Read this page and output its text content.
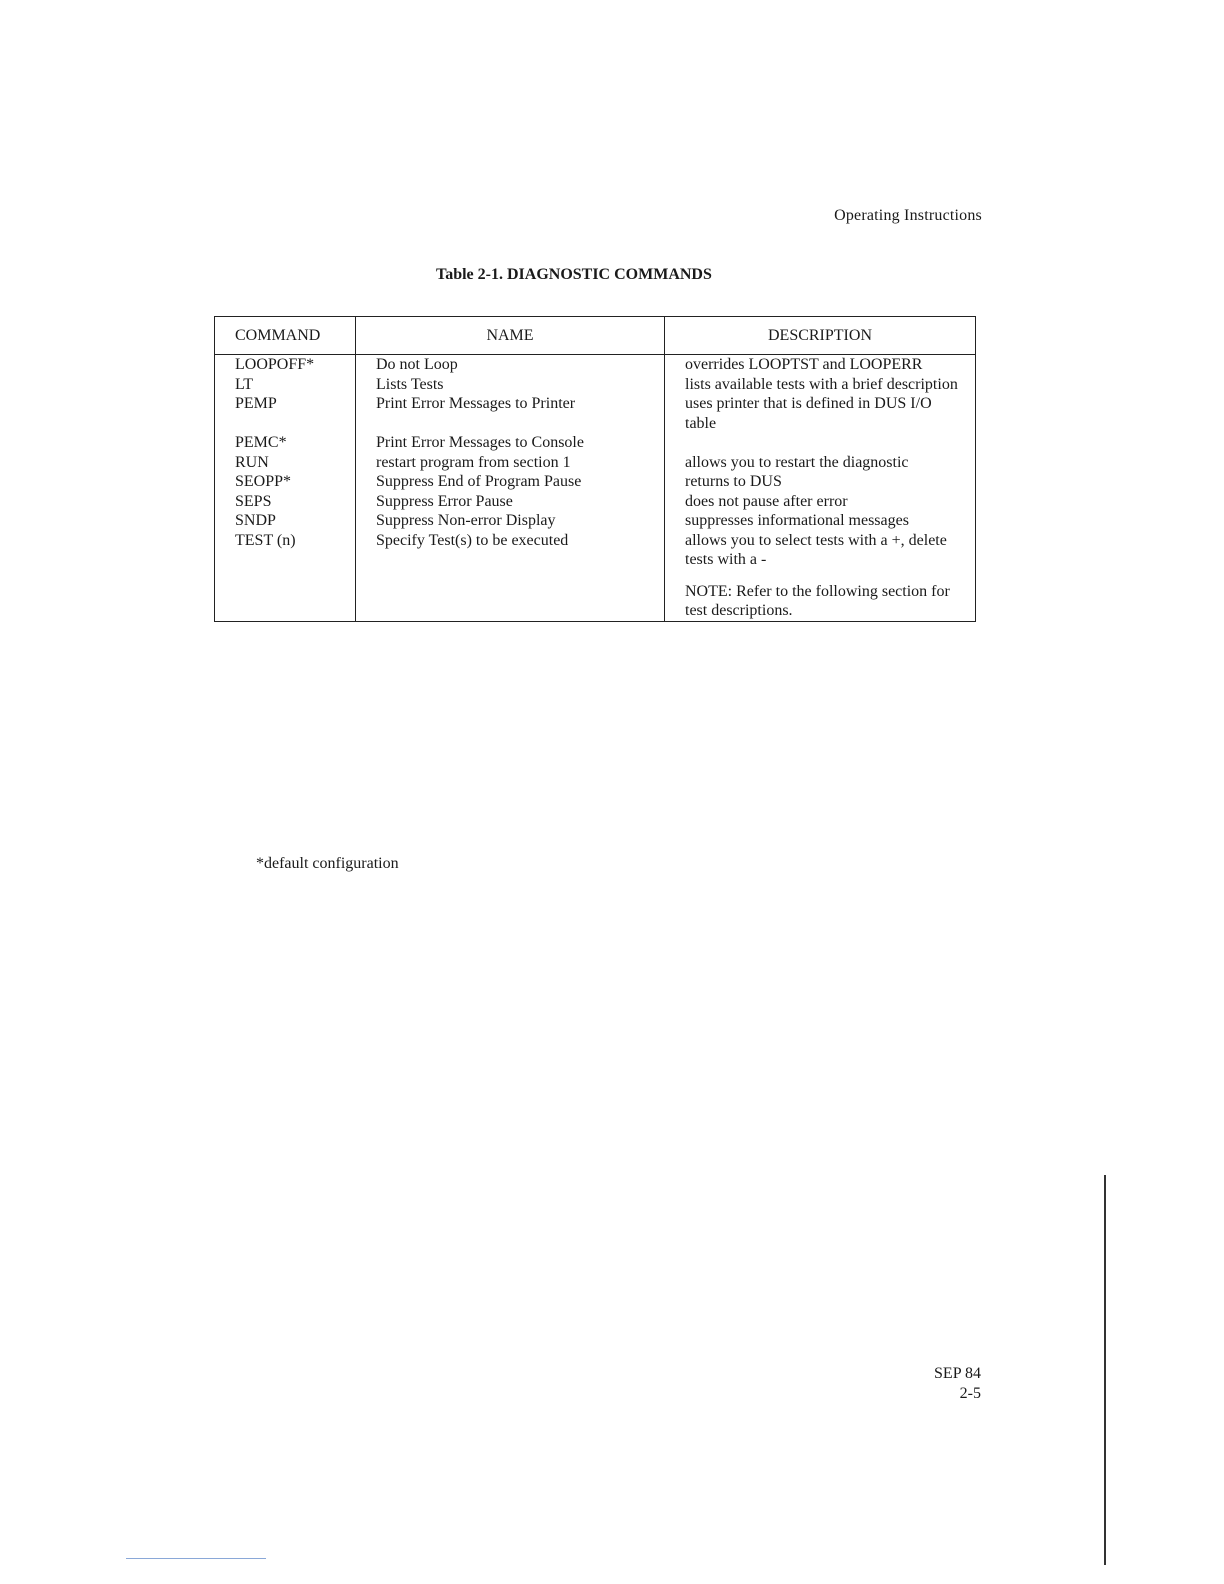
Operating Instructions
Table 2-1. DIAGNOSTIC COMMANDS
COMMAND	NAME	DESCRIPTION
LOOPOFF*	Do not Loop	overrides LOOPTST and LOOPERR
LT	Lists Tests	lists available tests with a brief description
PEMP	Print Error Messages to Printer	uses printer that is defined in DUS I/O table
PEMC*	Print Error Messages to Console	
RUN	restart program from section 1	allows you to restart the diagnostic
SEOPP*	Suppress End of Program Pause	returns to DUS
SEPS	Suppress Error Pause	does not pause after error
SNDP	Suppress Non-error Display	suppresses informational messages
TEST (n)	Specify Test(s) to be executed	allows you to select tests with a +, delete tests with a -
		NOTE: Refer to the following section for test descriptions.
*default configuration
SEP 84
2-5
